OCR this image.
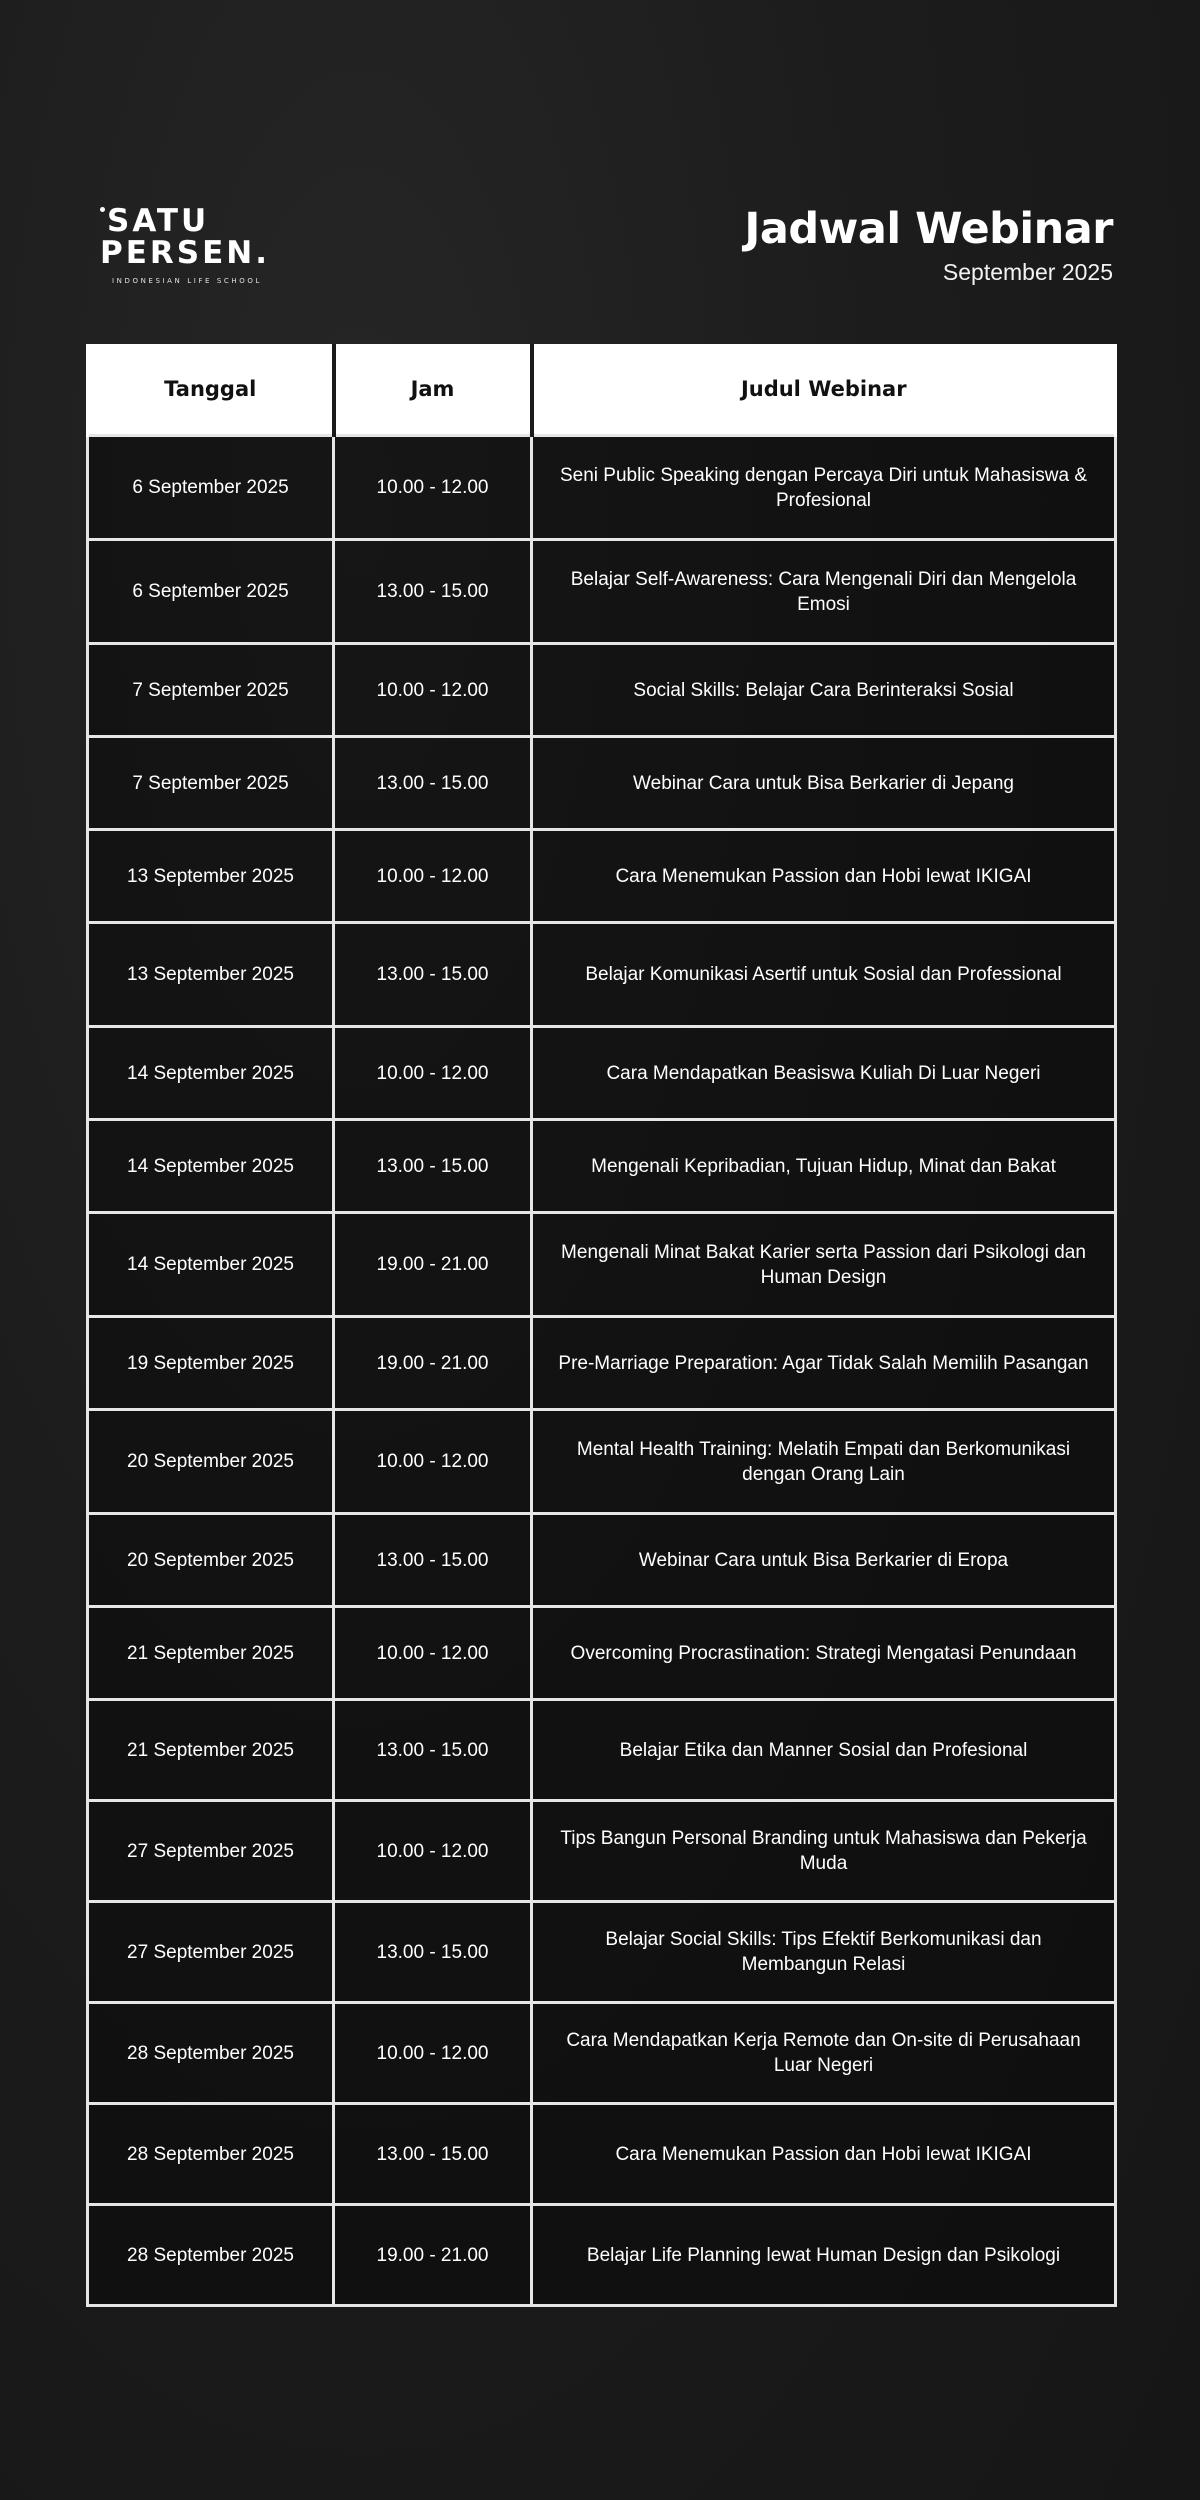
SATU
PERSEN.
INDONESIAN LIFE SCHOOL
Jadwal Webinar
September 2025
Tanggal	Jam	Judul Webinar
6 September 2025	10.00 - 12.00	Seni Public Speaking dengan Percaya Diri untuk Mahasiswa & Profesional
6 September 2025	13.00 - 15.00	Belajar Self-Awareness: Cara Mengenali Diri dan Mengelola Emosi
7 September 2025	10.00 - 12.00	Social Skills: Belajar Cara Berinteraksi Sosial
7 September 2025	13.00 - 15.00	Webinar Cara untuk Bisa Berkarier di Jepang
13 September 2025	10.00 - 12.00	Cara Menemukan Passion dan Hobi lewat IKIGAI
13 September 2025	13.00 - 15.00	Belajar Komunikasi Asertif untuk Sosial dan Professional
14 September 2025	10.00 - 12.00	Cara Mendapatkan Beasiswa Kuliah Di Luar Negeri
14 September 2025	13.00 - 15.00	Mengenali Kepribadian, Tujuan Hidup, Minat dan Bakat
14 September 2025	19.00 - 21.00	Mengenali Minat Bakat Karier serta Passion dari Psikologi dan Human Design
19 September 2025	19.00 - 21.00	Pre-Marriage Preparation: Agar Tidak Salah Memilih Pasangan
20 September 2025	10.00 - 12.00	Mental Health Training: Melatih Empati dan Berkomunikasi dengan Orang Lain
20 September 2025	13.00 - 15.00	Webinar Cara untuk Bisa Berkarier di Eropa
21 September 2025	10.00 - 12.00	Overcoming Procrastination: Strategi Mengatasi Penundaan
21 September 2025	13.00 - 15.00	Belajar Etika dan Manner Sosial dan Profesional
27 September 2025	10.00 - 12.00	Tips Bangun Personal Branding untuk Mahasiswa dan Pekerja Muda
27 September 2025	13.00 - 15.00	Belajar Social Skills: Tips Efektif Berkomunikasi dan Membangun Relasi
28 September 2025	10.00 - 12.00	Cara Mendapatkan Kerja Remote dan On-site di Perusahaan Luar Negeri
28 September 2025	13.00 - 15.00	Cara Menemukan Passion dan Hobi lewat IKIGAI
28 September 2025	19.00 - 21.00	Belajar Life Planning lewat Human Design dan Psikologi
